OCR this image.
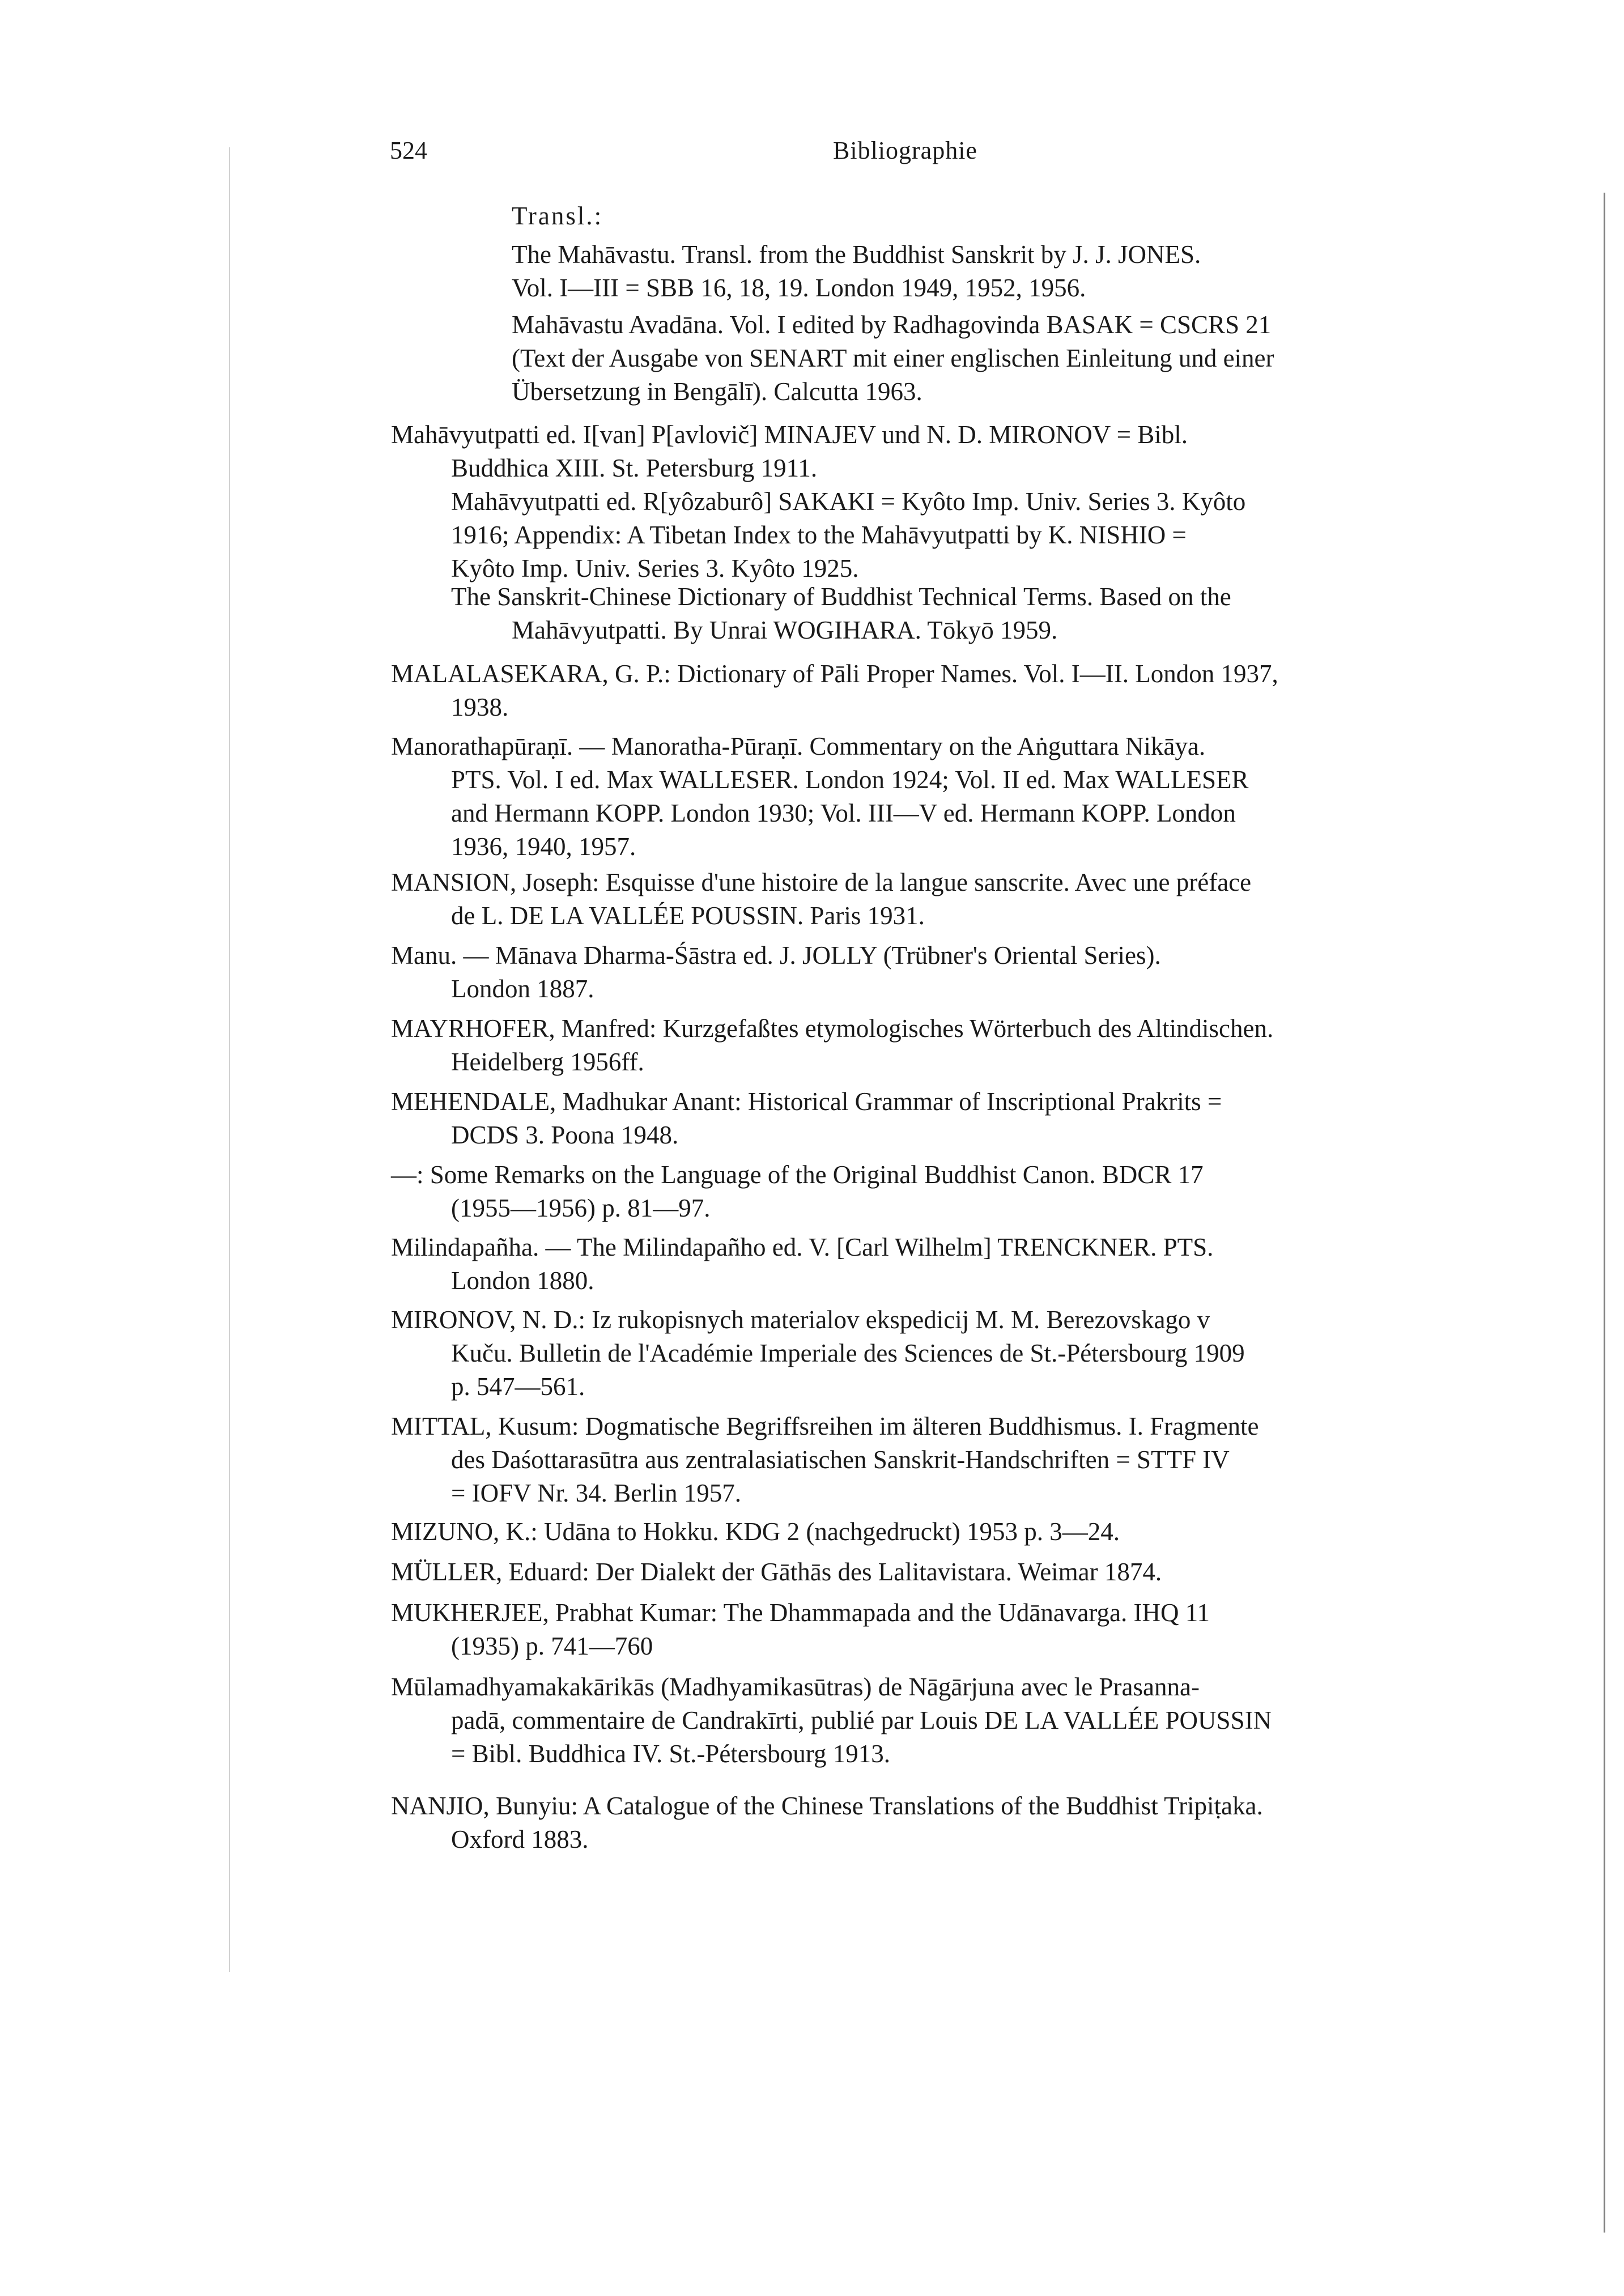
524	Bibliographie
Transl.:
The Mahāvastu. Transl. from the Buddhist Sanskrit by J. J. JONES.
Vol. I—III = SBB 16, 18, 19. London 1949, 1952, 1956.
Mahāvastu Avadāna. Vol. I edited by Radhagovinda BASAK = CSCRS 21
(Text der Ausgabe von SENART mit einer englischen Einleitung und einer
Übersetzung in Bengālī). Calcutta 1963.
Mahāvyutpatti ed. I[van] P[avlovič] MINAJEV und N. D. MIRONOV = Bibl.
Buddhica XIII. St. Petersburg 1911.
Mahāvyutpatti ed. R[yôzaburô] SAKAKI = Kyôto Imp. Univ. Series 3. Kyôto
1916; Appendix: A Tibetan Index to the Mahāvyutpatti by K. NISHIO =
Kyôto Imp. Univ. Series 3. Kyôto 1925.
The Sanskrit-Chinese Dictionary of Buddhist Technical Terms. Based on the
Mahāvyutpatti. By Unrai WOGIHARA. Tōkyō 1959.
MALALASEKARA, G. P.: Dictionary of Pāli Proper Names. Vol. I—II. London 1937,
1938.
Manorathapūraṇī. — Manoratha-Pūraṇī. Commentary on the Aṅguttara Nikāya.
PTS. Vol. I ed. Max WALLESER. London 1924; Vol. II ed. Max WALLESER
and Hermann KOPP. London 1930; Vol. III—V ed. Hermann KOPP. London
1936, 1940, 1957.
MANSION, Joseph: Esquisse d'une histoire de la langue sanscrite. Avec une préface
de L. DE LA VALLÉE POUSSIN. Paris 1931.
Manu. — Mānava Dharma-Śāstra ed. J. JOLLY (Trübner's Oriental Series).
London 1887.
MAYRHOFER, Manfred: Kurzgefaßtes etymologisches Wörterbuch des Altindischen.
Heidelberg 1956ff.
MEHENDALE, Madhukar Anant: Historical Grammar of Inscriptional Prakrits =
DCDS 3. Poona 1948.
—: Some Remarks on the Language of the Original Buddhist Canon. BDCR 17
(1955—1956) p. 81—97.
Milindapañha. — The Milindapañho ed. V. [Carl Wilhelm] TRENCKNER. PTS.
London 1880.
MIRONOV, N. D.: Iz rukopisnych materialov ekspedicij M. M. Berezovskago v
Kuču. Bulletin de l'Académie Imperiale des Sciences de St.-Pétersbourg 1909
p. 547—561.
MITTAL, Kusum: Dogmatische Begriffsreihen im älteren Buddhismus. I. Fragmente
des Daśottarasūtra aus zentralasiatischen Sanskrit-Handschriften = STTF IV
= IOFV Nr. 34. Berlin 1957.
MIZUNO, K.: Udāna to Hokku. KDG 2 (nachgedruckt) 1953 p. 3—24.
MÜLLER, Eduard: Der Dialekt der Gāthās des Lalitavistara. Weimar 1874.
MUKHERJEE, Prabhat Kumar: The Dhammapada and the Udānavarga. IHQ 11
(1935) p. 741—760
Mūlamadhyamakakārikās (Madhyamikasūtras) de Nāgārjuna avec le Prasanna-
padā, commentaire de Candrakīrti, publié par Louis DE LA VALLÉE POUSSIN
= Bibl. Buddhica IV. St.-Pétersbourg 1913.
NANJIO, Bunyiu: A Catalogue of the Chinese Translations of the Buddhist Tripiṭaka.
Oxford 1883.
